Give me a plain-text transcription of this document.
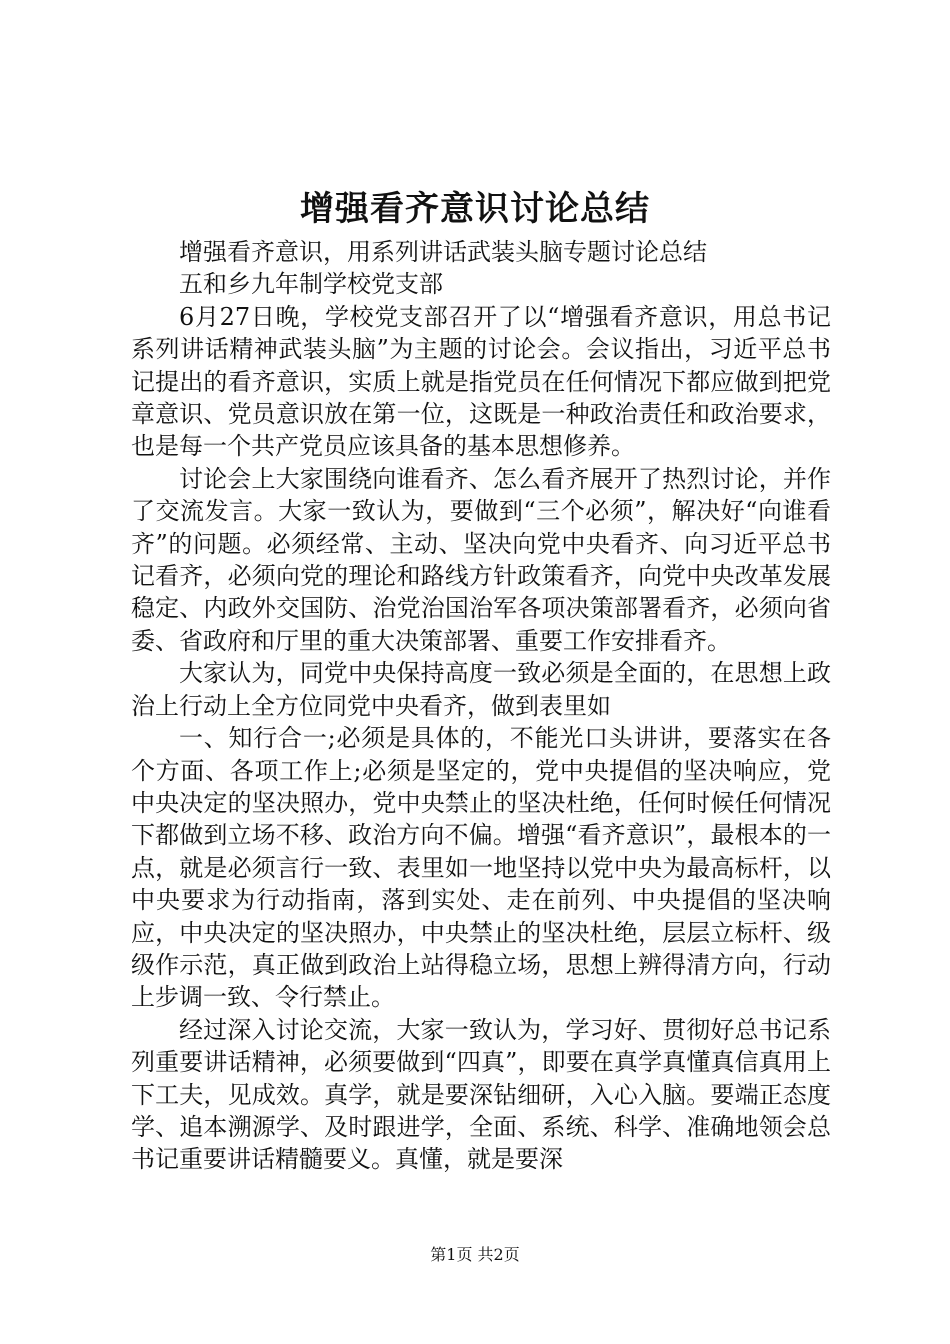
增强看齐意识讨论总结

增强看齐意识，用系列讲话武装头脑专题讨论总结

五和乡九年制学校党支部

6月27日晚，学校党支部召开了以“增强看齐意识，用总书记系列讲话精神武装头脑”为主题的讨论会。会议指出，习近平总书记提出的看齐意识，实质上就是指党员在任何情况下都应做到把党章意识、党员意识放在第一位，这既是一种政治责任和政治要求，也是每一个共产党员应该具备的基本思想修养。

讨论会上大家围绕向谁看齐、怎么看齐展开了热烈讨论，并作了交流发言。大家一致认为，要做到“三个必须”，解决好“向谁看齐”的问题。必须经常、主动、坚决向党中央看齐、向习近平总书记看齐，必须向党的理论和路线方针政策看齐，向党中央改革发展稳定、内政外交国防、治党治国治军各项决策部署看齐，必须向省委、省政府和厅里的重大决策部署、重要工作安排看齐。

大家认为，同党中央保持高度一致必须是全面的，在思想上政治上行动上全方位同党中央看齐，做到表里如

一、知行合一;必须是具体的，不能光口头讲讲，要落实在各个方面、各项工作上;必须是坚定的，党中央提倡的坚决响应，党中央决定的坚决照办，党中央禁止的坚决杜绝，任何时候任何情况下都做到立场不移、政治方向不偏。增强“看齐意识”，最根本的一点，就是必须言行一致、表里如一地坚持以党中央为最高标杆，以中央要求为行动指南，落到实处、走在前列、中央提倡的坚决响应，中央决定的坚决照办，中央禁止的坚决杜绝，层层立标杆、级级作示范，真正做到政治上站得稳立场，思想上辨得清方向，行动上步调一致、令行禁止。

经过深入讨论交流，大家一致认为，学习好、贯彻好总书记系列重要讲话精神，必须要做到“四真”，即要在真学真懂真信真用上下工夫，见成效。真学，就是要深钻细研，入心入脑。要端正态度学、追本溯源学、及时跟进学，全面、系统、科学、准确地领会总书记重要讲话精髓要义。真懂，就是要深

第1页 共2页
